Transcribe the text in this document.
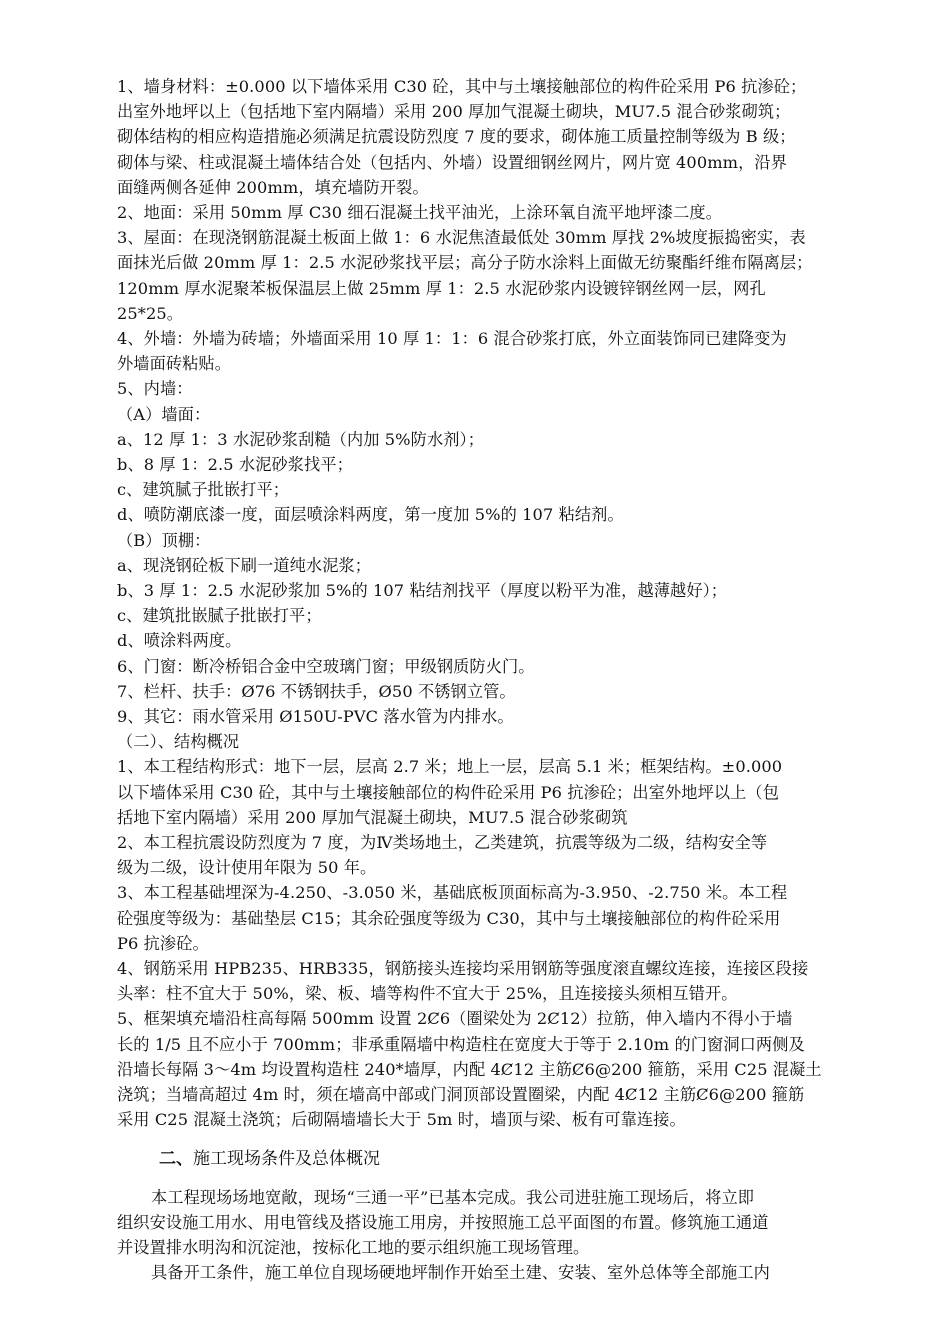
1、墙身材料：±0.000 以下墙体采用 C30 砼，其中与土壤接触部位的构件砼采用 P6 抗渗砼；
出室外地坪以上（包括地下室内隔墙）采用 200 厚加气混凝土砌块，MU7.5 混合砂浆砌筑；
砌体结构的相应构造措施必须满足抗震设防烈度 7 度的要求，砌体施工质量控制等级为 B 级；
砌体与梁、柱或混凝土墙体结合处（包括内、外墙）设置细钢丝网片，网片宽 400mm，沿界
面缝两侧各延伸 200mm，填充墙防开裂。
2、地面：采用 50mm 厚 C30 细石混凝土找平油光，上涂环氧自流平地坪漆二度。
3、屋面：在现浇钢筋混凝土板面上做 1：6 水泥焦渣最低处 30mm 厚找 2%坡度振捣密实，表
面抹光后做 20mm 厚 1：2.5 水泥砂浆找平层；高分子防水涂料上面做无纺聚酯纤维布隔离层；
120mm 厚水泥聚苯板保温层上做 25mm 厚 1：2.5 水泥砂浆内设镀锌钢丝网一层，网孔
25*25。
4、外墙：外墙为砖墙；外墙面采用 10 厚 1：1：6 混合砂浆打底，外立面装饰同已建降变为
外墙面砖粘贴。
5、内墙：
（A）墙面：
a、12 厚 1：3 水泥砂浆刮糙（内加 5%防水剂）；
b、8 厚 1：2.5 水泥砂浆找平；
c、建筑腻子批嵌打平；
d、喷防潮底漆一度，面层喷涂料两度，第一度加 5%的 107 粘结剂。
（B）顶棚：
a、现浇钢砼板下刷一道纯水泥浆；
b、3 厚 1：2.5 水泥砂浆加 5%的 107 粘结剂找平（厚度以粉平为准，越薄越好）；
c、建筑批嵌腻子批嵌打平；
d、喷涂料两度。
6、门窗：断冷桥铝合金中空玻璃门窗；甲级钢质防火门。
7、栏杆、扶手：Ø76 不锈钢扶手，Ø50 不锈钢立管。
9、其它：雨水管采用 Ø150U-PVC 落水管为内排水。
（二）、结构概况
1、本工程结构形式：地下一层，层高 2.7 米；地上一层，层高 5.1 米；框架结构。±0.000
以下墙体采用 C30 砼，其中与土壤接触部位的构件砼采用 P6 抗渗砼；出室外地坪以上（包
括地下室内隔墙）采用 200 厚加气混凝土砌块，MU7.5 混合砂浆砌筑
2、本工程抗震设防烈度为 7 度，为Ⅳ类场地土，乙类建筑，抗震等级为二级，结构安全等
级为二级，设计使用年限为 50 年。
3、本工程基础埋深为-4.250、-3.050 米，基础底板顶面标高为-3.950、-2.750 米。本工程
砼强度等级为：基础垫层 C15；其余砼强度等级为 C30，其中与土壤接触部位的构件砼采用
P6 抗渗砼。
4、钢筋采用 HPB235、HRB335，钢筋接头连接均采用钢筋等强度滚直螺纹连接，连接区段接
头率：柱不宜大于 50%，梁、板、墙等构件不宜大于 25%，且连接接头须相互错开。
5、框架填充墙沿柱高每隔 500mm 设置 2Ȼ6（圈梁处为 2Ȼ12）拉筋，伸入墙内不得小于墙
长的 1/5 且不应小于 700mm；非承重隔墙中构造柱在宽度大于等于 2.10m 的门窗洞口两侧及
沿墙长每隔 3～4m 均设置构造柱 240*墙厚，内配 4Ȼ12 主筋Ȼ6@200 箍筋，采用 C25 混凝土
浇筑；当墙高超过 4m 时，须在墙高中部或门洞顶部设置圈梁，内配 4Ȼ12 主筋Ȼ6@200 箍筋
采用 C25 混凝土浇筑；后砌隔墙墙长大于 5m 时，墙顶与梁、板有可靠连接。
二、施工现场条件及总体概况
本工程现场场地宽敞，现场“三通一平”已基本完成。我公司进驻施工现场后，将立即
组织安设施工用水、用电管线及搭设施工用房，并按照施工总平面图的布置。修筑施工通道
并设置排水明沟和沉淀池，按标化工地的要示组织施工现场管理。
具备开工条件，施工单位自现场硬地坪制作开始至土建、安装、室外总体等全部施工内
